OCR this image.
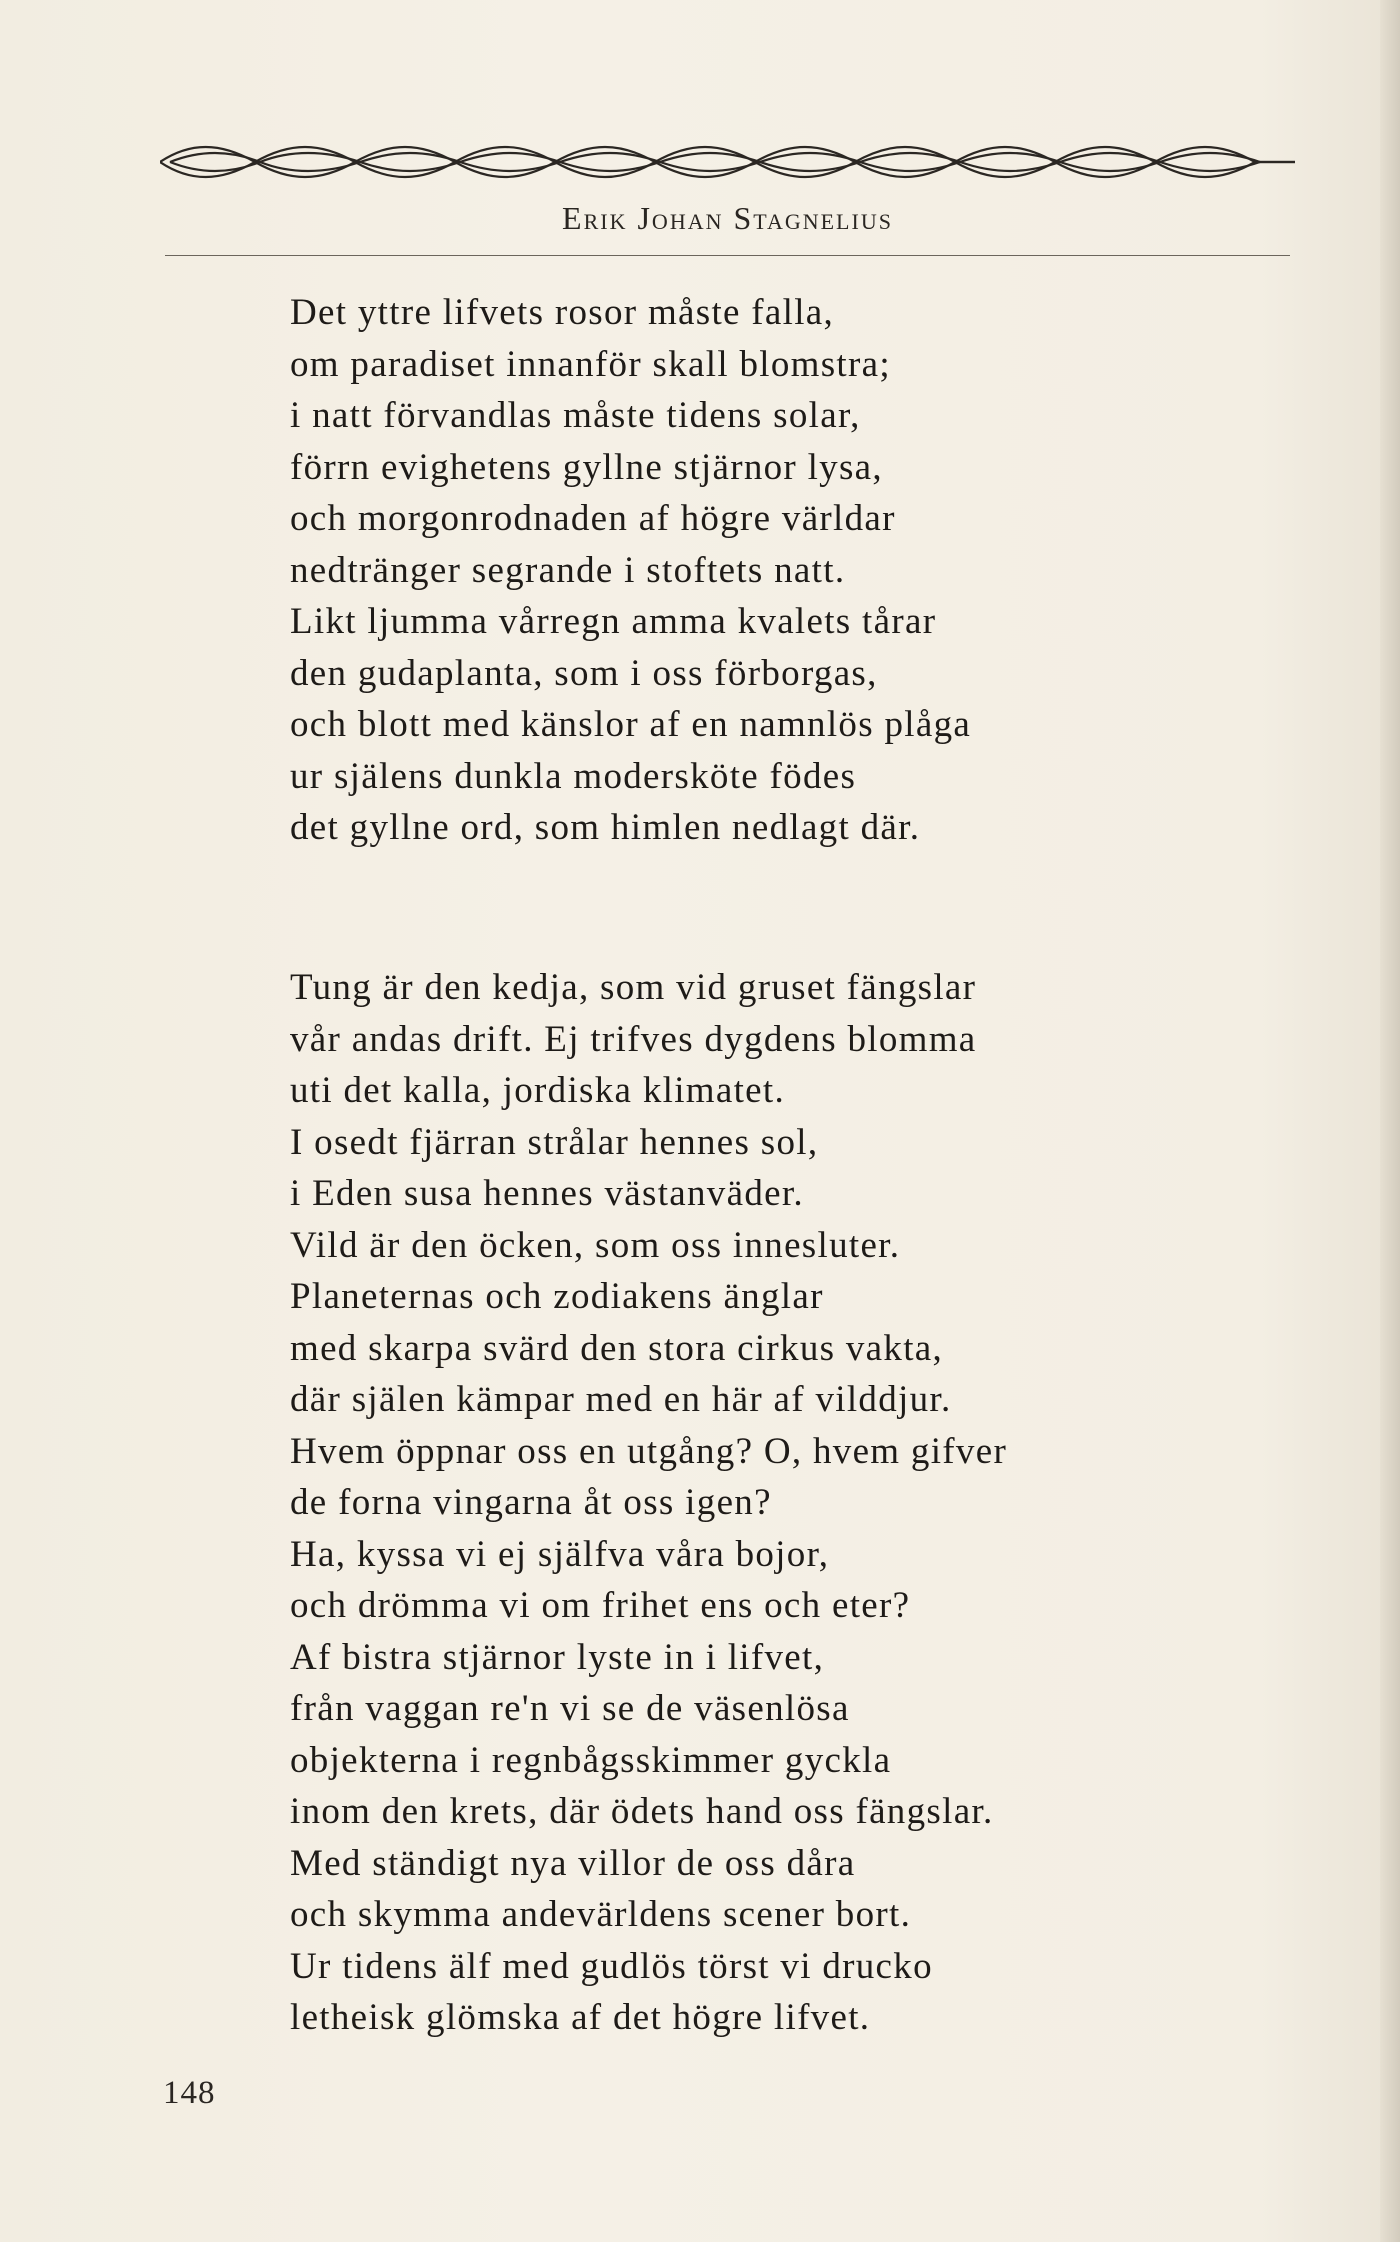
Erik Johan Stagnelius
Det yttre lifvets rosor måste falla,
om paradiset innanför skall blomstra;
i natt förvandlas måste tidens solar,
förrn evighetens gyllne stjärnor lysa,
och morgonrodnaden af högre världar
nedtränger segrande i stoftets natt.
Likt ljumma vårregn amma kvalets tårar
den gudaplanta, som i oss förborgas,
och blott med känslor af en namnlös plåga
ur själens dunkla modersköte födes
det gyllne ord, som himlen nedlagt där.
Tung är den kedja, som vid gruset fängslar
vår andas drift. Ej trifves dygdens blomma
uti det kalla, jordiska klimatet.
I osedt fjärran strålar hennes sol,
i Eden susa hennes västanväder.
Vild är den öcken, som oss innesluter.
Planeternas och zodiakens änglar
med skarpa svärd den stora cirkus vakta,
där själen kämpar med en här af vilddjur.
Hvem öppnar oss en utgång? O, hvem gifver
de forna vingarna åt oss igen?
Ha, kyssa vi ej själfva våra bojor,
och drömma vi om frihet ens och eter?
Af bistra stjärnor lyste in i lifvet,
från vaggan re'n vi se de väsenlösa
objekterna i regnbågsskimmer gyckla
inom den krets, där ödets hand oss fängslar.
Med ständigt nya villor de oss dåra
och skymma andevärldens scener bort.
Ur tidens älf med gudlös törst vi drucko
letheisk glömska af det högre lifvet.
148
